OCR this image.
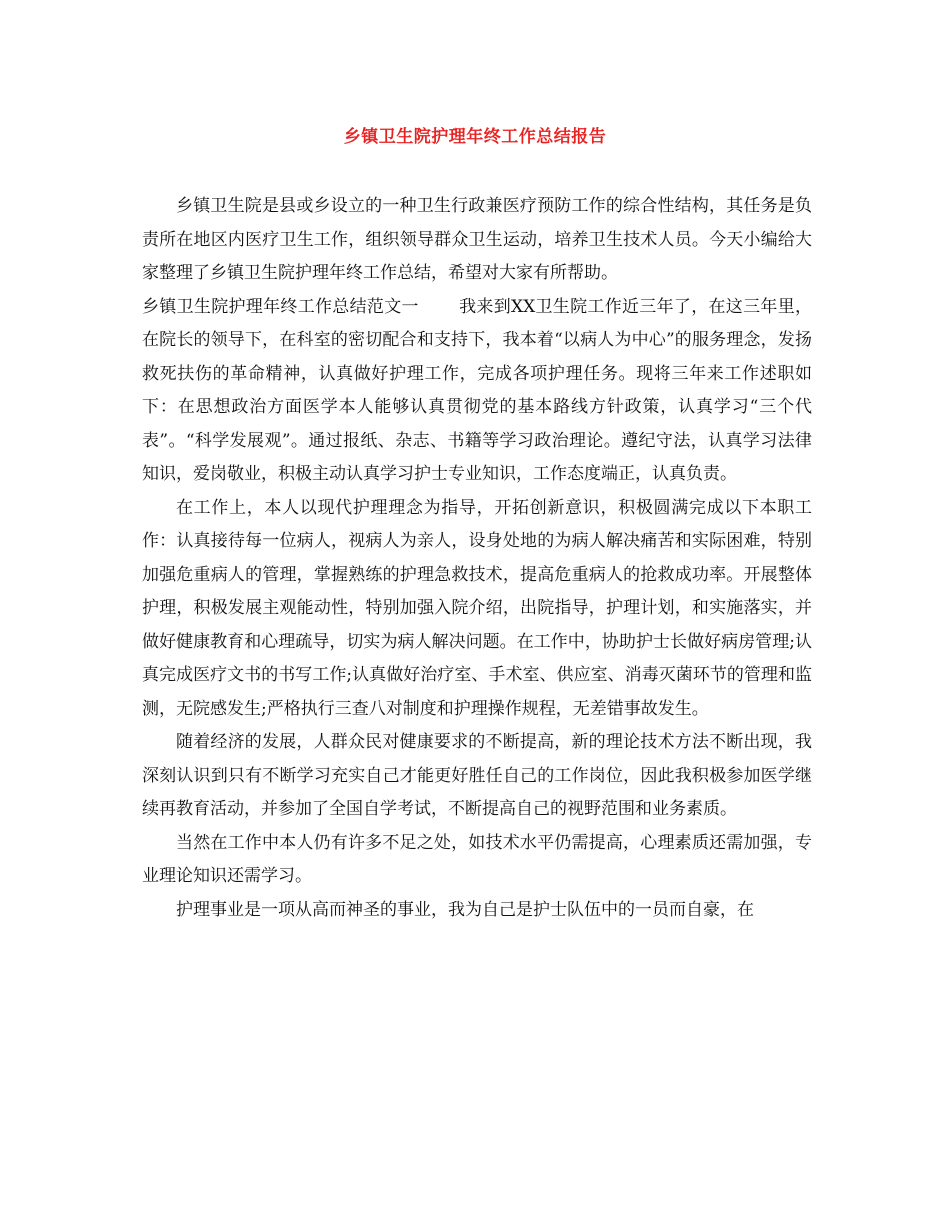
乡镇卫生院护理年终工作总结报告

乡镇卫生院是县或乡设立的一种卫生行政兼医疗预防工作的综合性结构，其任务是负责所在地区内医疗卫生工作，组织领导群众卫生运动，培养卫生技术人员。今天小编给大家整理了乡镇卫生院护理年终工作总结，希望对大家有所帮助。

乡镇卫生院护理年终工作总结范文一 我来到XX卫生院工作近三年了，在这三年里，在院长的领导下，在科室的密切配合和支持下，我本着“以病人为中心”的服务理念，发扬救死扶伤的革命精神，认真做好护理工作，完成各项护理任务。现将三年来工作述职如下：在思想政治方面医学本人能够认真贯彻党的基本路线方针政策，认真学习“三个代表”。“科学发展观”。通过报纸、杂志、书籍等学习政治理论。遵纪守法，认真学习法律知识，爱岗敬业，积极主动认真学习护士专业知识，工作态度端正，认真负责。

在工作上，本人以现代护理理念为指导，开拓创新意识，积极圆满完成以下本职工作：认真接待每一位病人，视病人为亲人，设身处地的为病人解决痛苦和实际困难，特别加强危重病人的管理，掌握熟练的护理急救技术，提高危重病人的抢救成功率。开展整体护理，积极发展主观能动性，特别加强入院介绍，出院指导，护理计划，和实施落实，并做好健康教育和心理疏导，切实为病人解决问题。在工作中，协助护士长做好病房管理;认真完成医疗文书的书写工作;认真做好治疗室、手术室、供应室、消毒灭菌环节的管理和监测，无院感发生;严格执行三查八对制度和护理操作规程，无差错事故发生。

随着经济的发展，人群众民对健康要求的不断提高，新的理论技术方法不断出现，我深刻认识到只有不断学习充实自己才能更好胜任自己的工作岗位，因此我积极参加医学继续再教育活动，并参加了全国自学考试，不断提高自己的视野范围和业务素质。

当然在工作中本人仍有许多不足之处，如技术水平仍需提高，心理素质还需加强，专业理论知识还需学习。

护理事业是一项从高而神圣的事业，我为自己是护士队伍中的一员而自豪，在
